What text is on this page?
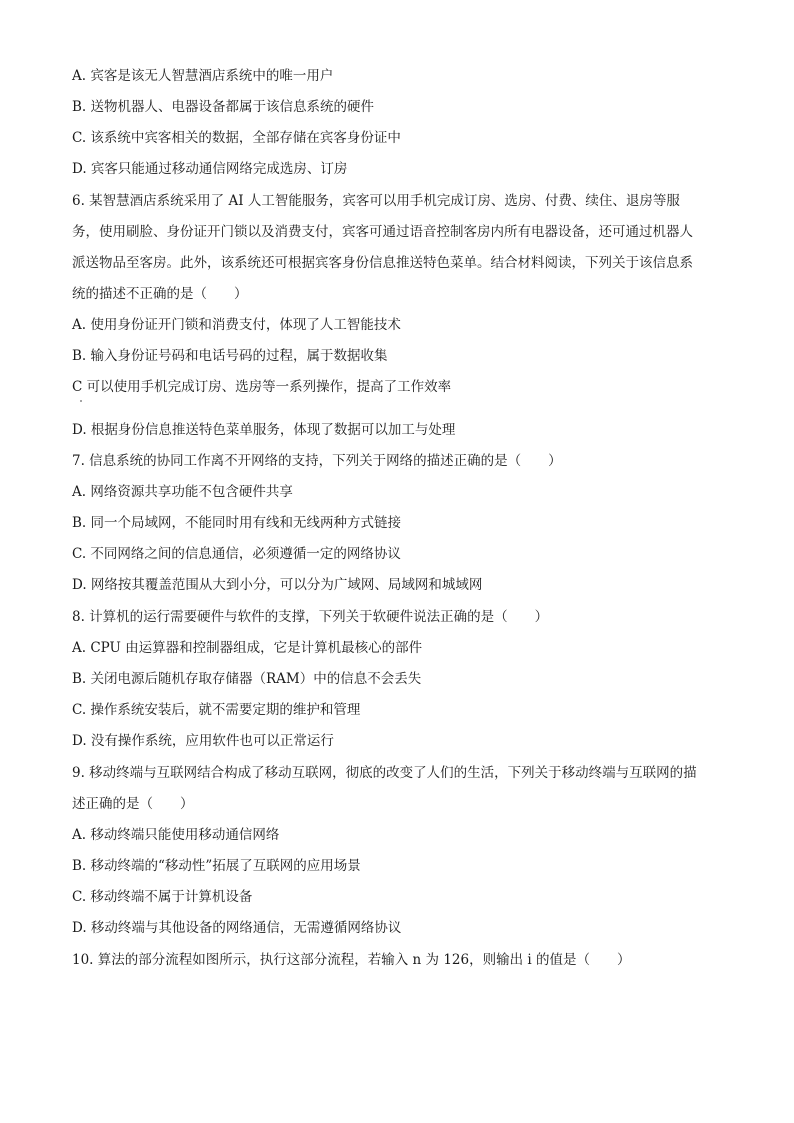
A. 宾客是该无人智慧酒店系统中的唯一用户
B. 送物机器人、电器设备都属于该信息系统的硬件
C. 该系统中宾客相关的数据，全部存储在宾客身份证中
D. 宾客只能通过移动通信网络完成选房、订房
6. 某智慧酒店系统采用了 AI 人工智能服务，宾客可以用手机完成订房、选房、付费、续住、退房等服
务，使用刷脸、身份证开门锁以及消费支付，宾客可通过语音控制客房内所有电器设备，还可通过机器人
派送物品至客房。此外，该系统还可根据宾客身份信息推送特色菜单。结合材料阅读，下列关于该信息系
统的描述不正确的是（　　）
A. 使用身份证开门锁和消费支付，体现了人工智能技术
B. 输入身份证号码和电话号码的过程，属于数据收集
C 可以使用手机完成订房、选房等一系列操作，提高了工作效率
D. 根据身份信息推送特色菜单服务，体现了数据可以加工与处理
7. 信息系统的协同工作离不开网络的支持，下列关于网络的描述正确的是（　　）
A. 网络资源共享功能不包含硬件共享
B. 同一个局域网，不能同时用有线和无线两种方式链接
C. 不同网络之间的信息通信，必须遵循一定的网络协议
D. 网络按其覆盖范围从大到小分，可以分为广域网、局域网和城域网
8. 计算机的运行需要硬件与软件的支撑，下列关于软硬件说法正确的是（　　）
A. CPU 由运算器和控制器组成，它是计算机最核心的部件
B. 关闭电源后随机存取存储器（RAM）中的信息不会丢失
C. 操作系统安装后，就不需要定期的维护和管理
D. 没有操作系统，应用软件也可以正常运行
9. 移动终端与互联网结合构成了移动互联网，彻底的改变了人们的生活，下列关于移动终端与互联网的描
述正确的是（　　）
A. 移动终端只能使用移动通信网络
B. 移动终端的“移动性”拓展了互联网的应用场景
C. 移动终端不属于计算机设备
D. 移动终端与其他设备的网络通信，无需遵循网络协议
10. 算法的部分流程如图所示，执行这部分流程，若输入 n 为 126，则输出 i 的值是（　　）
